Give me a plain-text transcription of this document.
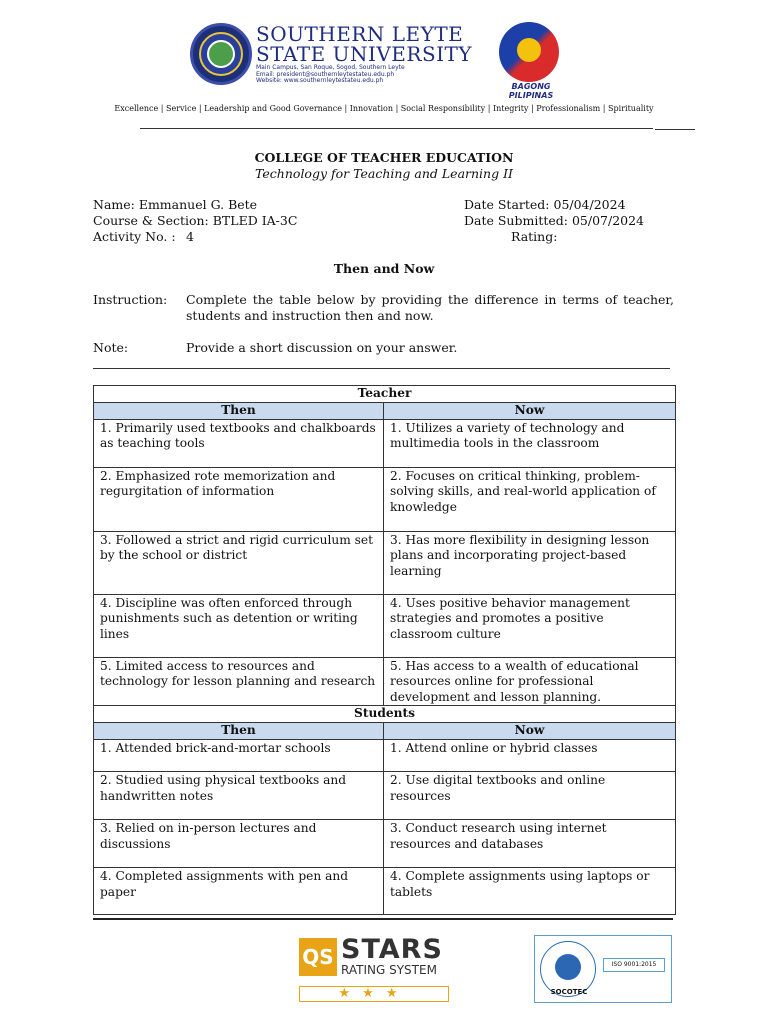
SOUTHERN LEYTE
STATE UNIVERSITY
Main Campus, San Roque, Sogod, Southern Leyte
Email: president@southernleytestateu.edu.ph
Website: www.southernleytestateu.edu.ph
BAGONG PILIPINAS
Excellence | Service | Leadership and Good Governance | Innovation | Social Responsibility | Integrity | Professionalism | Spirituality
COLLEGE OF TEACHER EDUCATION
Technology for Teaching and Learning II
Name: Emmanuel G. Bete
Course & Section: BTLED IA-3C
Activity No. : 4
Date Started: 05/04/2024
Date Submitted: 05/07/2024
Rating:
Then and Now
Instruction: Complete the table below by providing the difference in terms of teacher, students and instruction then and now.
Note:	Provide a short discussion on your answer.
Teacher	
Then	Now
1. Primarily used textbooks and chalkboards as teaching tools	1. Utilizes a variety of technology and multimedia tools in the classroom
2. Emphasized rote memorization and regurgitation of information	2. Focuses on critical thinking, problem-solving skills, and real-world application of knowledge
3. Followed a strict and rigid curriculum set by the school or district	3. Has more flexibility in designing lesson plans and incorporating project-based learning
4. Discipline was often enforced through punishments such as detention or writing lines	4. Uses positive behavior management strategies and promotes a positive classroom culture
5. Limited access to resources and technology for lesson planning and research	5. Has access to a wealth of educational resources online for professional development and lesson planning.
Students	
Then	Now
1. Attended brick-and-mortar schools	1. Attend online or hybrid classes
2. Studied using physical textbooks and handwritten notes	2. Use digital textbooks and online resources
3. Relied on in-person lectures and discussions	3. Conduct research using internet resources and databases
4. Completed assignments with pen and paper	4. Complete assignments using laptops or tablets
QS STARS
RATING SYSTEM
★★★	SOCOTEC
ISO 9001:2015
